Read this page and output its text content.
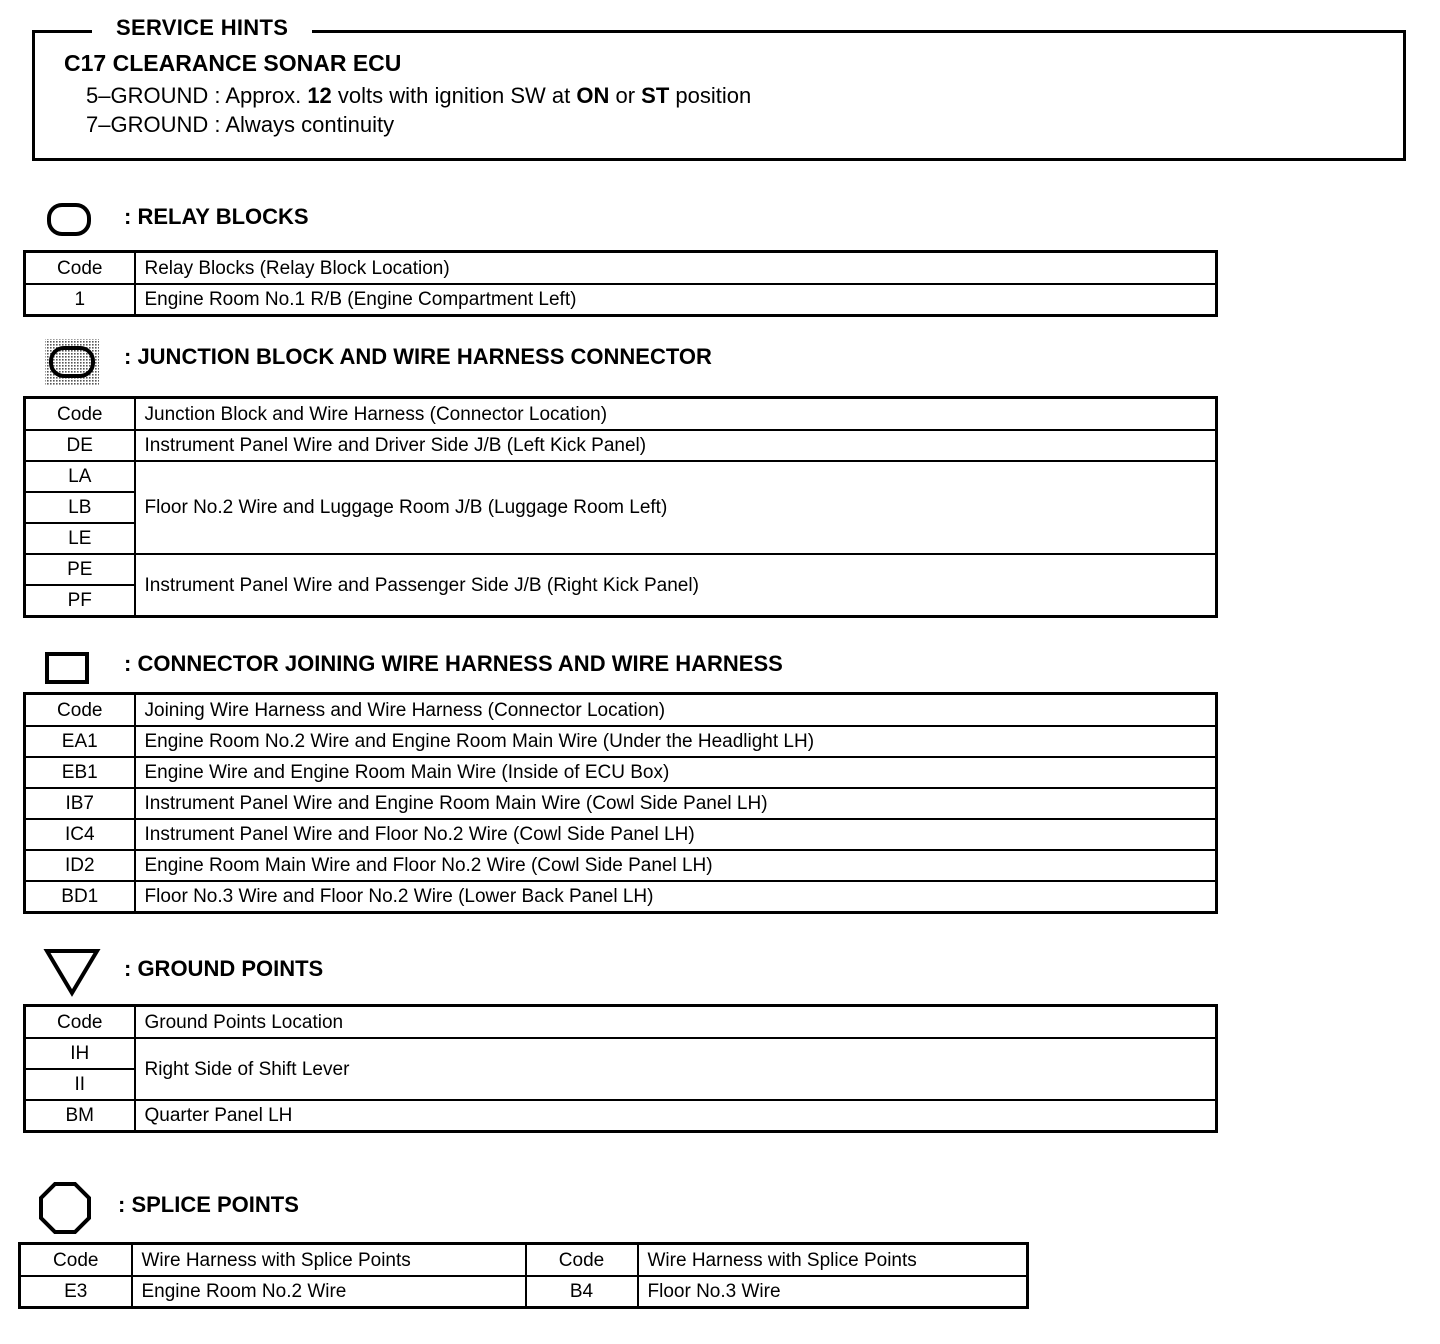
SERVICE HINTS
C17 CLEARANCE SONAR ECU
5–GROUND : Approx. 12 volts with ignition SW at ON or ST position
7–GROUND : Always continuity
: RELAY BLOCKS
Code	Relay Blocks (Relay Block Location)
1	Engine Room No.1 R/B (Engine Compartment Left)
: JUNCTION BLOCK AND WIRE HARNESS CONNECTOR
Code	Junction Block and Wire Harness (Connector Location)
DE	Instrument Panel Wire and Driver Side J/B (Left Kick Panel)
LA	Floor No.2 Wire and Luggage Room J/B (Luggage Room Left)
LB	
LE	
PE	Instrument Panel Wire and Passenger Side J/B (Right Kick Panel)
PF	
: CONNECTOR JOINING WIRE HARNESS AND WIRE HARNESS
Code	Joining Wire Harness and Wire Harness (Connector Location)
EA1	Engine Room No.2 Wire and Engine Room Main Wire (Under the Headlight LH)
EB1	Engine Wire and Engine Room Main Wire (Inside of ECU Box)
IB7	Instrument Panel Wire and Engine Room Main Wire (Cowl Side Panel LH)
IC4	Instrument Panel Wire and Floor No.2 Wire (Cowl Side Panel LH)
ID2	Engine Room Main Wire and Floor No.2 Wire (Cowl Side Panel LH)
BD1	Floor No.3 Wire and Floor No.2 Wire (Lower Back Panel LH)
: GROUND POINTS
Code	Ground Points Location
IH	Right Side of Shift Lever
II	
BM	Quarter Panel LH
: SPLICE POINTS
Code	Wire Harness with Splice Points	Code	Wire Harness with Splice Points
E3	Engine Room No.2 Wire	B4	Floor No.3 Wire
